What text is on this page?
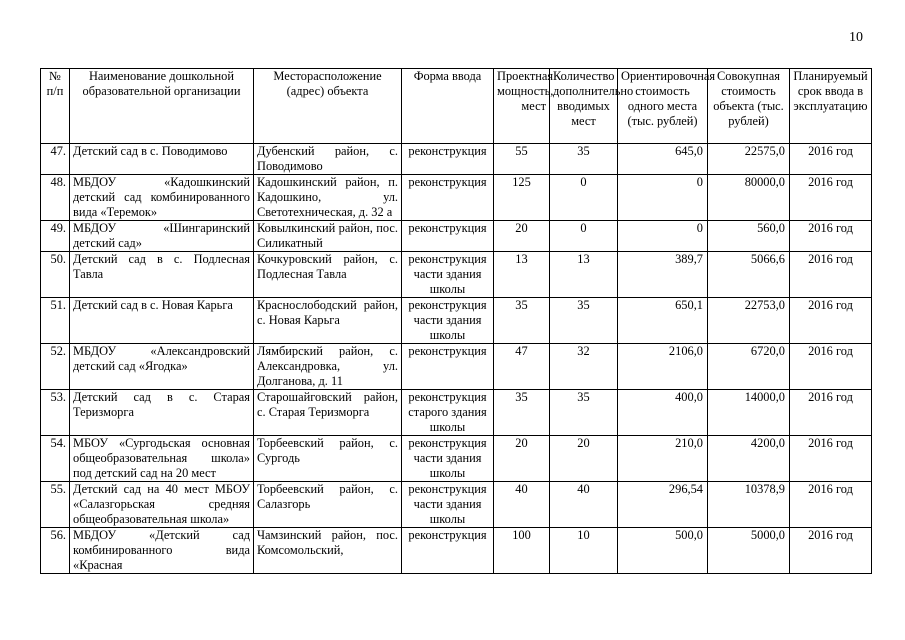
10
№ п/п	Наименование дошкольной образовательной организации	Месторасположение (адрес) объекта	Форма ввода	Проектная мощность, мест	Количество дополнительно вводимых мест	Ориентировочная стоимость одного места (тыс. рублей)	Совокупная стоимость объекта (тыс. рублей)	Планируемый срок ввода в эксплуатацию
47.	Детский сад в с. Поводимово	Дубенский район, с. Поводимово	реконструкция	55	35	645,0	22575,0	2016 год
48.	МБДОУ «Кадошкинский детский сад комбинированного вида «Теремок»	Кадошкинский район, п. Кадошкино, ул. Светотехническая, д. 32 а	реконструкция	125	0	0	80000,0	2016 год
49.	МБДОУ «Шингаринский детский сад»	Ковылкинский район, пос. Силикатный	реконструкция	20	0	0	560,0	2016 год
50.	Детский сад в с. Подлесная Тавла	Кочкуровский район, с. Подлесная Тавла	реконструкция части здания школы	13	13	389,7	5066,6	2016 год
51.	Детский сад в с. Новая Карьга	Краснослободский район, с. Новая Карьга	реконструкция части здания школы	35	35	650,1	22753,0	2016 год
52.	МБДОУ «Александровский детский сад «Ягодка»	Лямбирский район, с. Александровка, ул. Долганова, д. 11	реконструкция	47	32	2106,0	6720,0	2016 год
53.	Детский сад в с. Старая Теризморга	Старошайговский район, с. Старая Теризморга	реконструкция старого здания школы	35	35	400,0	14000,0	2016 год
54.	МБОУ «Сургодьская основная общеобразовательная школа» под детский сад на 20 мест	Торбеевский район, с. Сургодь	реконструкция части здания школы	20	20	210,0	4200,0	2016 год
55.	Детский сад на 40 мест МБОУ «Салазгорьская средняя общеобразовательная школа»	Торбеевский район, с. Салазгорь	реконструкция части здания школы	40	40	296,54	10378,9	2016 год
56.	МБДОУ «Детский сад комбинированного вида «Красная	Чамзинский район, пос. Комсомольский,	реконструкция	100	10	500,0	5000,0	2016 год
